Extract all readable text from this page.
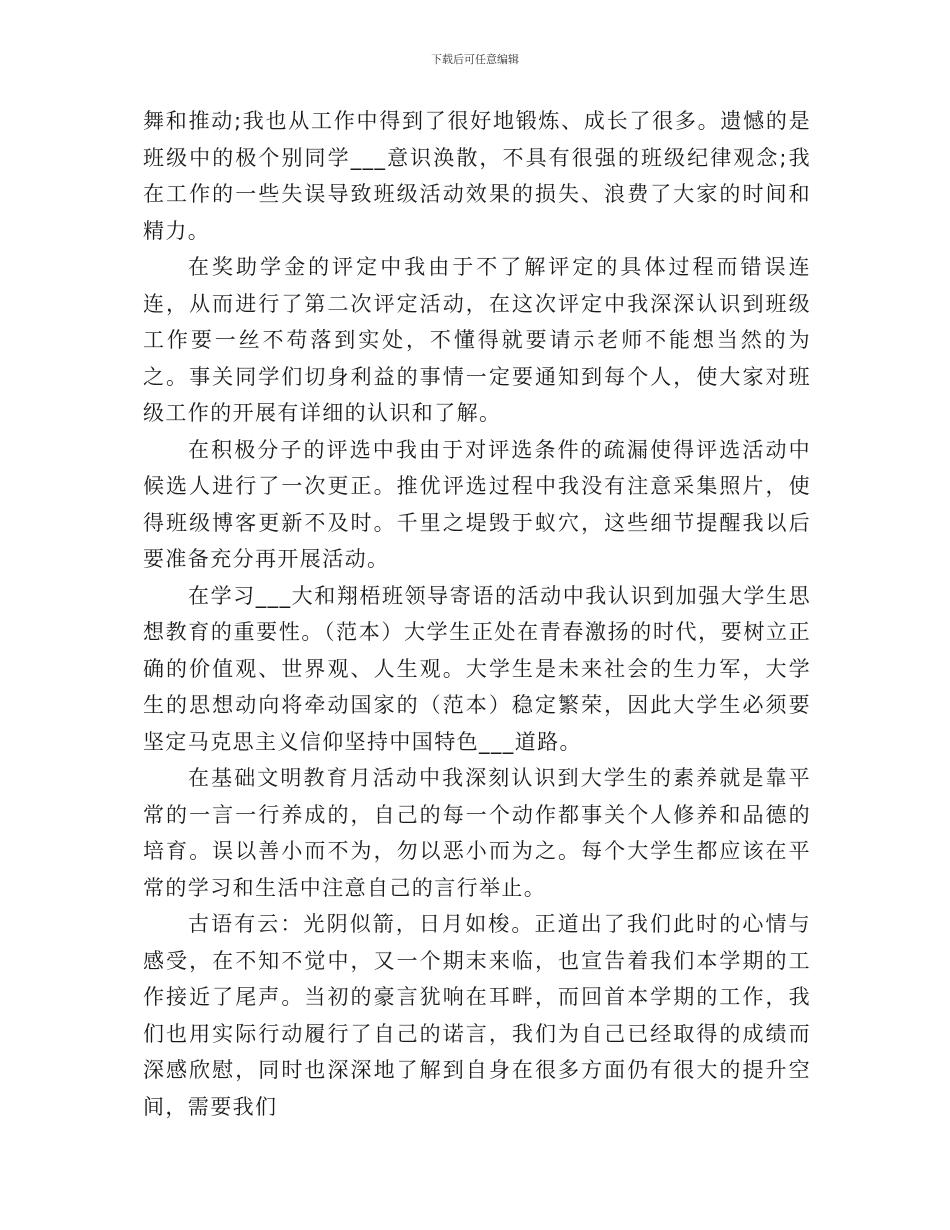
下载后可任意编辑

舞和推动;我也从工作中得到了很好地锻炼、成长了很多。遗憾的是班级中的极个别同学___意识涣散，不具有很强的班级纪律观念;我在工作的一些失误导致班级活动效果的损失、浪费了大家的时间和精力。

在奖助学金的评定中我由于不了解评定的具体过程而错误连连，从而进行了第二次评定活动，在这次评定中我深深认识到班级工作要一丝不苟落到实处，不懂得就要请示老师不能想当然的为之。事关同学们切身利益的事情一定要通知到每个人，使大家对班级工作的开展有详细的认识和了解。

在积极分子的评选中我由于对评选条件的疏漏使得评选活动中候选人进行了一次更正。推优评选过程中我没有注意采集照片，使得班级博客更新不及时。千里之堤毁于蚁穴，这些细节提醒我以后要准备充分再开展活动。

在学习___大和翔梧班领导寄语的活动中我认识到加强大学生思想教育的重要性。（范本）大学生正处在青春激扬的时代，要树立正确的价值观、世界观、人生观。大学生是未来社会的生力军，大学生的思想动向将牵动国家的（范本）稳定繁荣，因此大学生必须要坚定马克思主义信仰坚持中国特色___道路。

在基础文明教育月活动中我深刻认识到大学生的素养就是靠平常的一言一行养成的，自己的每一个动作都事关个人修养和品德的培育。误以善小而不为，勿以恶小而为之。每个大学生都应该在平常的学习和生活中注意自己的言行举止。

古语有云：光阴似箭，日月如梭。正道出了我们此时的心情与感受，在不知不觉中，又一个期末来临，也宣告着我们本学期的工作接近了尾声。当初的豪言犹响在耳畔，而回首本学期的工作，我们也用实际行动履行了自己的诺言，我们为自己已经取得的成绩而深感欣慰，同时也深深地了解到自身在很多方面仍有很大的提升空间，需要我们
